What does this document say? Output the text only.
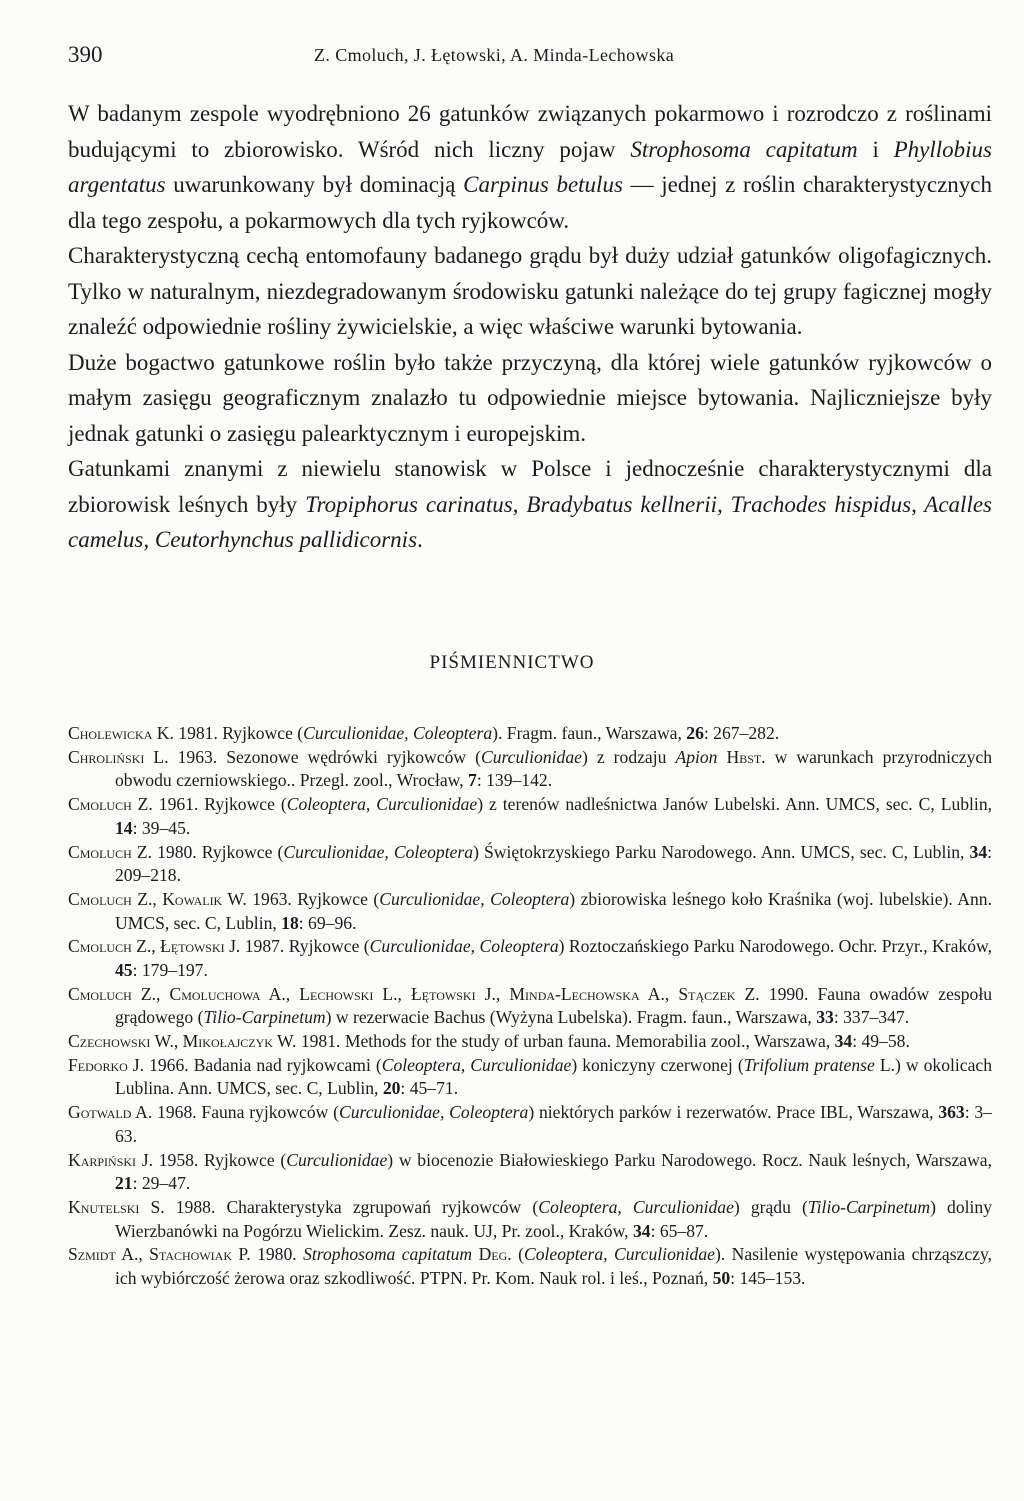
390	Z. Cmoluch, J. Łętowski, A. Minda-Lechowska

W badanym zespole wyodrębniono 26 gatunków związanych pokarmowo i rozrodczo z roślinami budującymi to zbiorowisko. Wśród nich liczny pojaw Strophosoma capitatum i Phyllobius argentatus uwarunkowany był dominacją Carpinus betulus — jednej z roślin charakterystycznych dla tego zespołu, a pokarmowych dla tych ryjkowców.

Charakterystyczną cechą entomofauny badanego grądu był duży udział gatunków oligofagicznych. Tylko w naturalnym, niezdegradowanym środowisku gatunki należące do tej grupy fagicznej mogły znaleźć odpowiednie rośliny żywicielskie, a więc właściwe warunki bytowania.

Duże bogactwo gatunkowe roślin było także przyczyną, dla której wiele gatunków ryjkowców o małym zasięgu geograficznym znalazło tu odpowiednie miejsce bytowania. Najliczniejsze były jednak gatunki o zasięgu palearktycznym i europejskim.

Gatunkami znanymi z niewielu stanowisk w Polsce i jednocześnie charakterystycznymi dla zbiorowisk leśnych były Tropiphorus carinatus, Bradybatus kellnerii, Trachodes hispidus, Acalles camelus, Ceutorhynchus pallidicornis.

PIŚMIENNICTWO

Cholewicka K. 1981. Ryjkowce (Curculionidae, Coleoptera). Fragm. faun., Warszawa, 26: 267–282.

Chroliński L. 1963. Sezonowe wędrówki ryjkowców (Curculionidae) z rodzaju Apion Hbst. w warunkach przyrodniczych obwodu czerniowskiego.. Przegl. zool., Wrocław, 7: 139–142.

Cmoluch Z. 1961. Ryjkowce (Coleoptera, Curculionidae) z terenów nadleśnictwa Janów Lubelski. Ann. UMCS, sec. C, Lublin, 14: 39–45.

Cmoluch Z. 1980. Ryjkowce (Curculionidae, Coleoptera) Świętokrzyskiego Parku Narodowego. Ann. UMCS, sec. C, Lublin, 34: 209–218.

Cmoluch Z., Kowalik W. 1963. Ryjkowce (Curculionidae, Coleoptera) zbiorowiska leśnego koło Kraśnika (woj. lubelskie). Ann. UMCS, sec. C, Lublin, 18: 69–96.

Cmoluch Z., Łętowski J. 1987. Ryjkowce (Curculionidae, Coleoptera) Roztoczańskiego Parku Narodowego. Ochr. Przyr., Kraków, 45: 179–197.

Cmoluch Z., Cmoluchowa A., Lechowski L., Łętowski J., Minda-Lechowska A., Stączek Z. 1990. Fauna owadów zespołu grądowego (Tilio-Carpinetum) w rezerwacie Bachus (Wyżyna Lubelska). Fragm. faun., Warszawa, 33: 337–347.

Czechowski W., Mikołajczyk W. 1981. Methods for the study of urban fauna. Memorabilia zool., Warszawa, 34: 49–58.

Fedorko J. 1966. Badania nad ryjkowcami (Coleoptera, Curculionidae) koniczyny czerwonej (Trifolium pratense L.) w okolicach Lublina. Ann. UMCS, sec. C, Lublin, 20: 45–71.

Gotwald A. 1968. Fauna ryjkowców (Curculionidae, Coleoptera) niektórych parków i rezerwatów. Prace IBL, Warszawa, 363: 3–63.

Karpiński J. 1958. Ryjkowce (Curculionidae) w biocenozie Białowieskiego Parku Narodowego. Rocz. Nauk leśnych, Warszawa, 21: 29–47.

Knutelski S. 1988. Charakterystyka zgrupowań ryjkowców (Coleoptera, Curculionidae) grądu (Tilio-Carpinetum) doliny Wierzbanówki na Pogórzu Wielickim. Zesz. nauk. UJ, Pr. zool., Kraków, 34: 65–87.

Szmidt A., Stachowiak P. 1980. Strophosoma capitatum Deg. (Coleoptera, Curculionidae). Nasilenie występowania chrząszczy, ich wybiórczość żerowa oraz szkodliwość. PTPN. Pr. Kom. Nauk rol. i leś., Poznań, 50: 145–153.
